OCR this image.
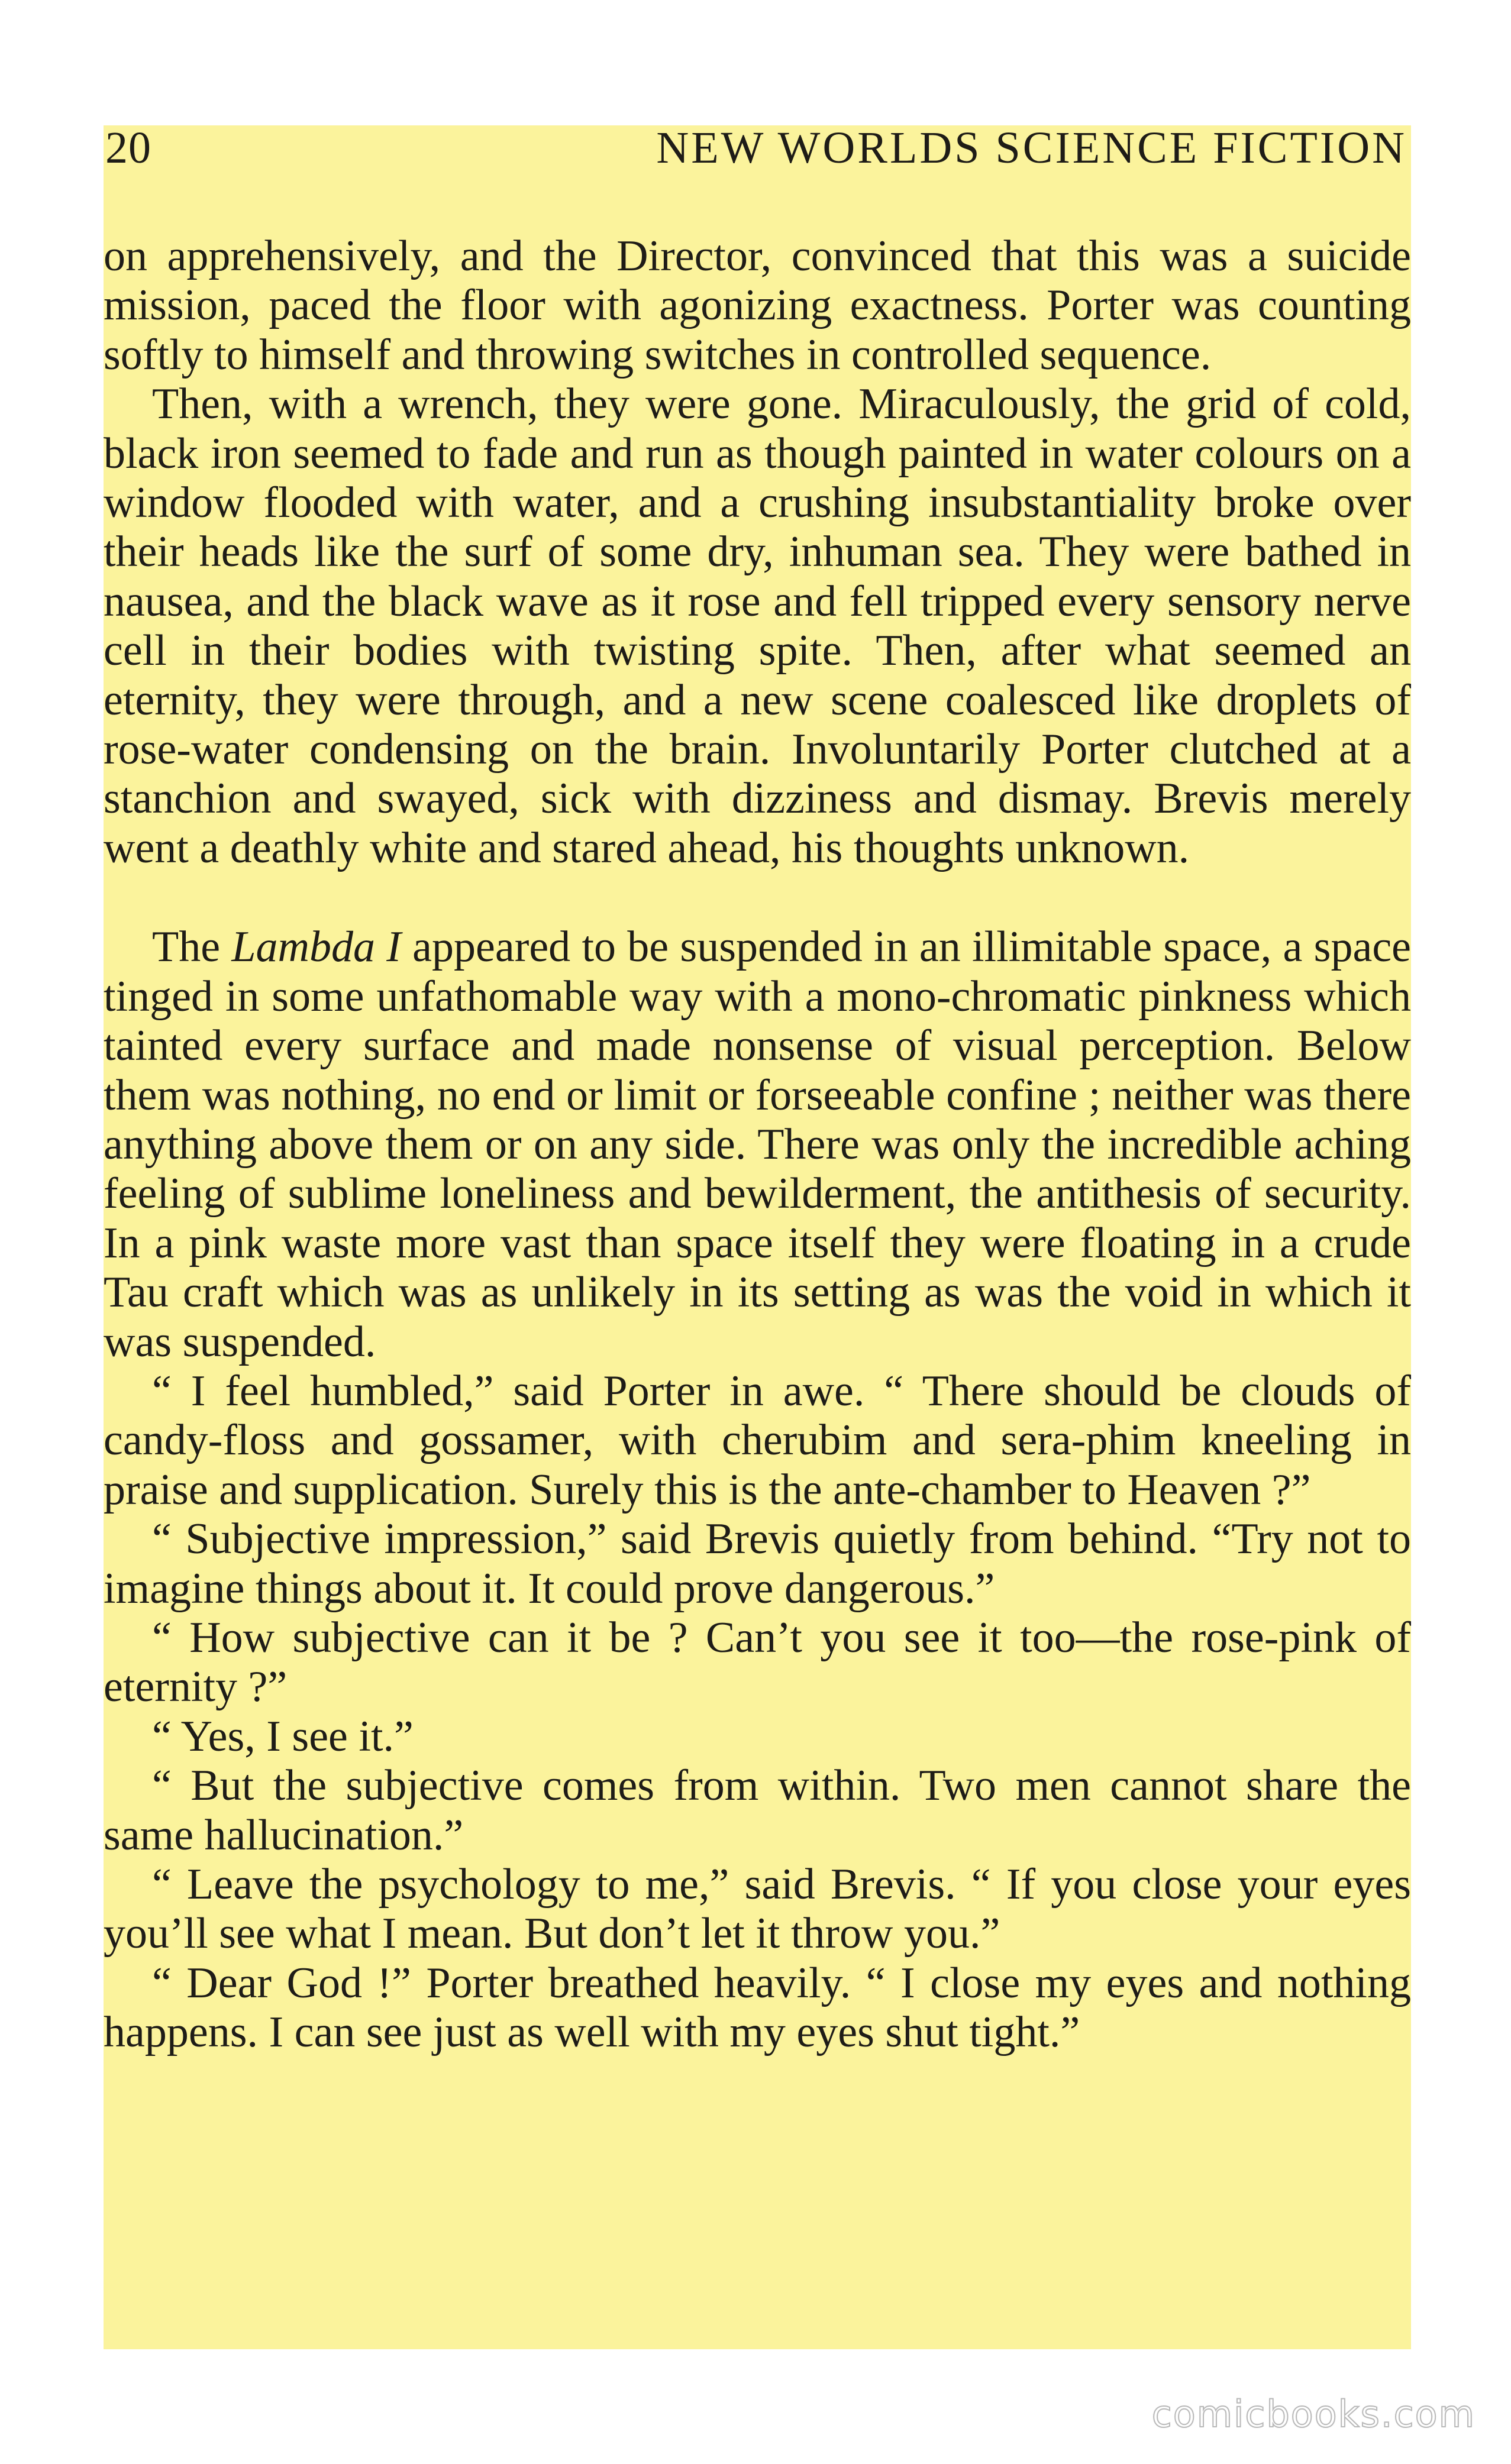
on apprehensively, and the Director, convinced that this was a suicide mission, paced the floor with agonizing exactness. Porter was counting softly to himself and throwing switches in controlled sequence.

Then, with a wrench, they were gone. Miraculously, the grid of cold, black iron seemed to fade and run as though painted in water colours on a window flooded with water, and a crushing insubstantiality broke over their heads like the surf of some dry, inhuman sea. They were bathed in nausea, and the black wave as it rose and fell tripped every sensory nerve cell in their bodies with twisting spite. Then, after what seemed an eternity, they were through, and a new scene coalesced like droplets of rose-water condensing on the brain. Involuntarily Porter clutched at a stanchion and swayed, sick with dizziness and dismay. Brevis merely went a deathly white and stared ahead, his thoughts unknown.

The Lambda I appeared to be suspended in an illimitable space, a space tinged in some unfathomable way with a mono-chromatic pinkness which tainted every surface and made nonsense of visual perception. Below them was nothing, no end or limit or forseeable confine ; neither was there anything above them or on any side. There was only the incredible aching feeling of sublime loneliness and bewilderment, the antithesis of security. In a pink waste more vast than space itself they were floating in a crude Tau craft which was as unlikely in its setting as was the void in which it was suspended.

“ I feel humbled,” said Porter in awe. “ There should be clouds of candy-floss and gossamer, with cherubim and sera-phim kneeling in praise and supplication. Surely this is the ante-chamber to Heaven ?”

“ Subjective impression,” said Brevis quietly from behind. “Try not to imagine things about it. It could prove dangerous.”

“ How subjective can it be ? Can’t you see it too—the rose-pink of eternity ?”

“ Yes, I see it.”

“ But the subjective comes from within. Two men cannot share the same hallucination.”

“ Leave the psychology to me,” said Brevis. “ If you close your eyes you’ll see what I mean. But don’t let it throw you.”

“ Dear God !” Porter breathed heavily. “ I close my eyes and nothing happens. I can see just as well with my eyes shut tight.”

20	NEW WORLDS SCIENCE FICTION
comicbooks.com
